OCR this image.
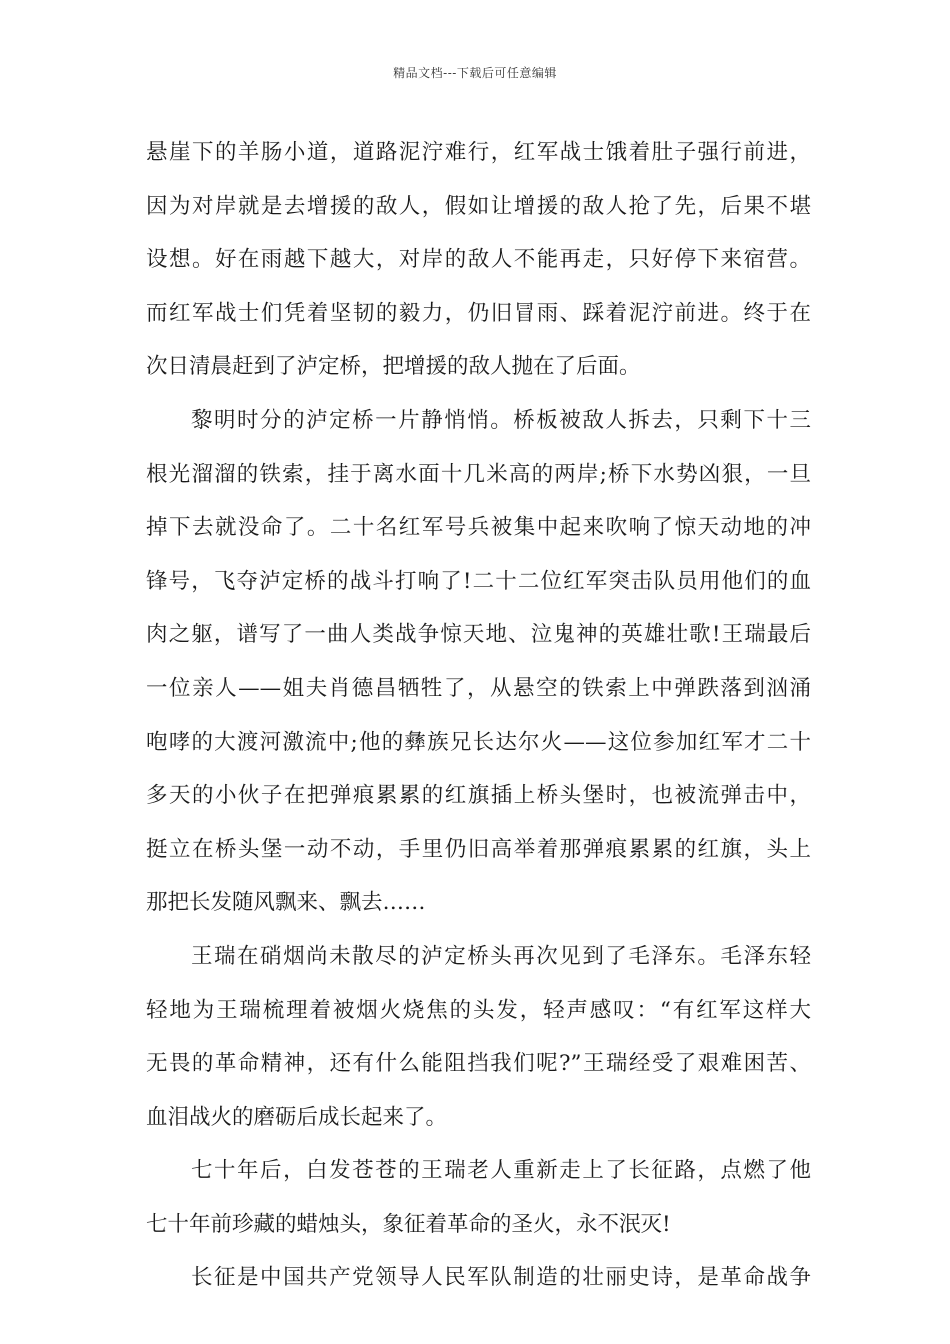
精品文档---下载后可任意编辑
悬崖下的羊肠小道，道路泥泞难行，红军战士饿着肚子强行前进，
因为对岸就是去增援的敌人，假如让增援的敌人抢了先，后果不堪
设想。好在雨越下越大，对岸的敌人不能再走，只好停下来宿营。
而红军战士们凭着坚韧的毅力，仍旧冒雨、踩着泥泞前进。终于在
次日清晨赶到了泸定桥，把增援的敌人抛在了后面。
黎明时分的泸定桥一片静悄悄。桥板被敌人拆去，只剩下十三
根光溜溜的铁索，挂于离水面十几米高的两岸;桥下水势凶狠，一旦
掉下去就没命了。二十名红军号兵被集中起来吹响了惊天动地的冲
锋号，飞夺泸定桥的战斗打响了!二十二位红军突击队员用他们的血
肉之躯，谱写了一曲人类战争惊天地、泣鬼神的英雄壮歌!王瑞最后
一位亲人——姐夫肖德昌牺牲了，从悬空的铁索上中弹跌落到汹涌
咆哮的大渡河激流中;他的彝族兄长达尔火——这位参加红军才二十
多天的小伙子在把弹痕累累的红旗插上桥头堡时，也被流弹击中，
挺立在桥头堡一动不动，手里仍旧高举着那弹痕累累的红旗，头上
那把长发随风飘来、飘去……
王瑞在硝烟尚未散尽的泸定桥头再次见到了毛泽东。毛泽东轻
轻地为王瑞梳理着被烟火烧焦的头发，轻声感叹：“有红军这样大
无畏的革命精神，还有什么能阻挡我们呢?”王瑞经受了艰难困苦、
血泪战火的磨砺后成长起来了。
七十年后，白发苍苍的王瑞老人重新走上了长征路，点燃了他
七十年前珍藏的蜡烛头，象征着革命的圣火，永不泯灭!
长征是中国共产党领导人民军队制造的壮丽史诗，是革命战争
